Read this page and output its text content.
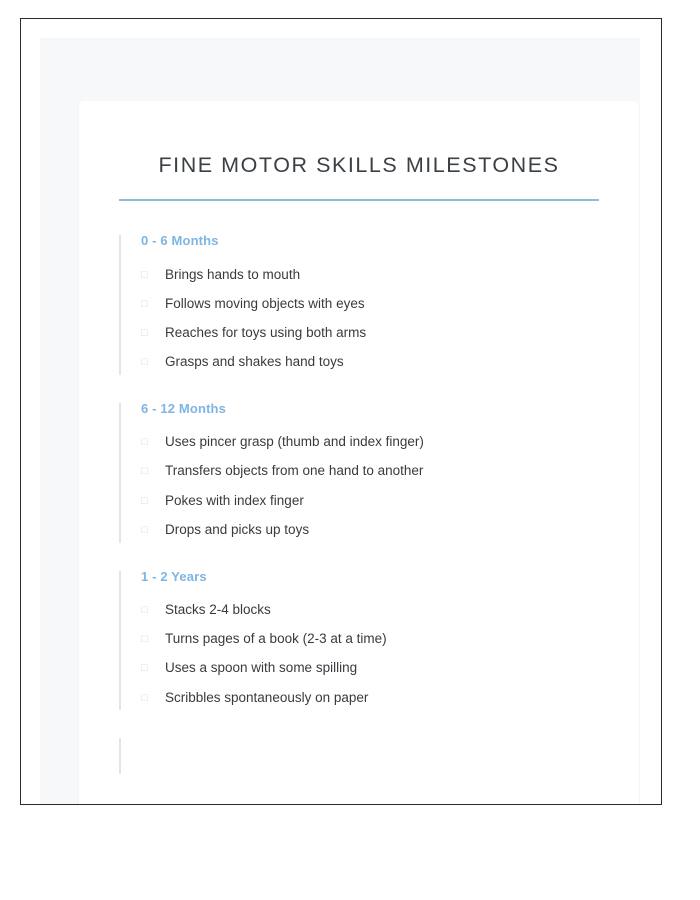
FINE MOTOR SKILLS MILESTONES
0 - 6 Months
□	Brings hands to mouth
□	Follows moving objects with eyes
□	Reaches for toys using both arms
□	Grasps and shakes hand toys
6 - 12 Months
□	Uses pincer grasp (thumb and index finger)
□	Transfers objects from one hand to another
□	Pokes with index finger
□	Drops and picks up toys
1 - 2 Years
□	Stacks 2-4 blocks
□	Turns pages of a book (2-3 at a time)
□	Uses a spoon with some spilling
□	Scribbles spontaneously on paper
